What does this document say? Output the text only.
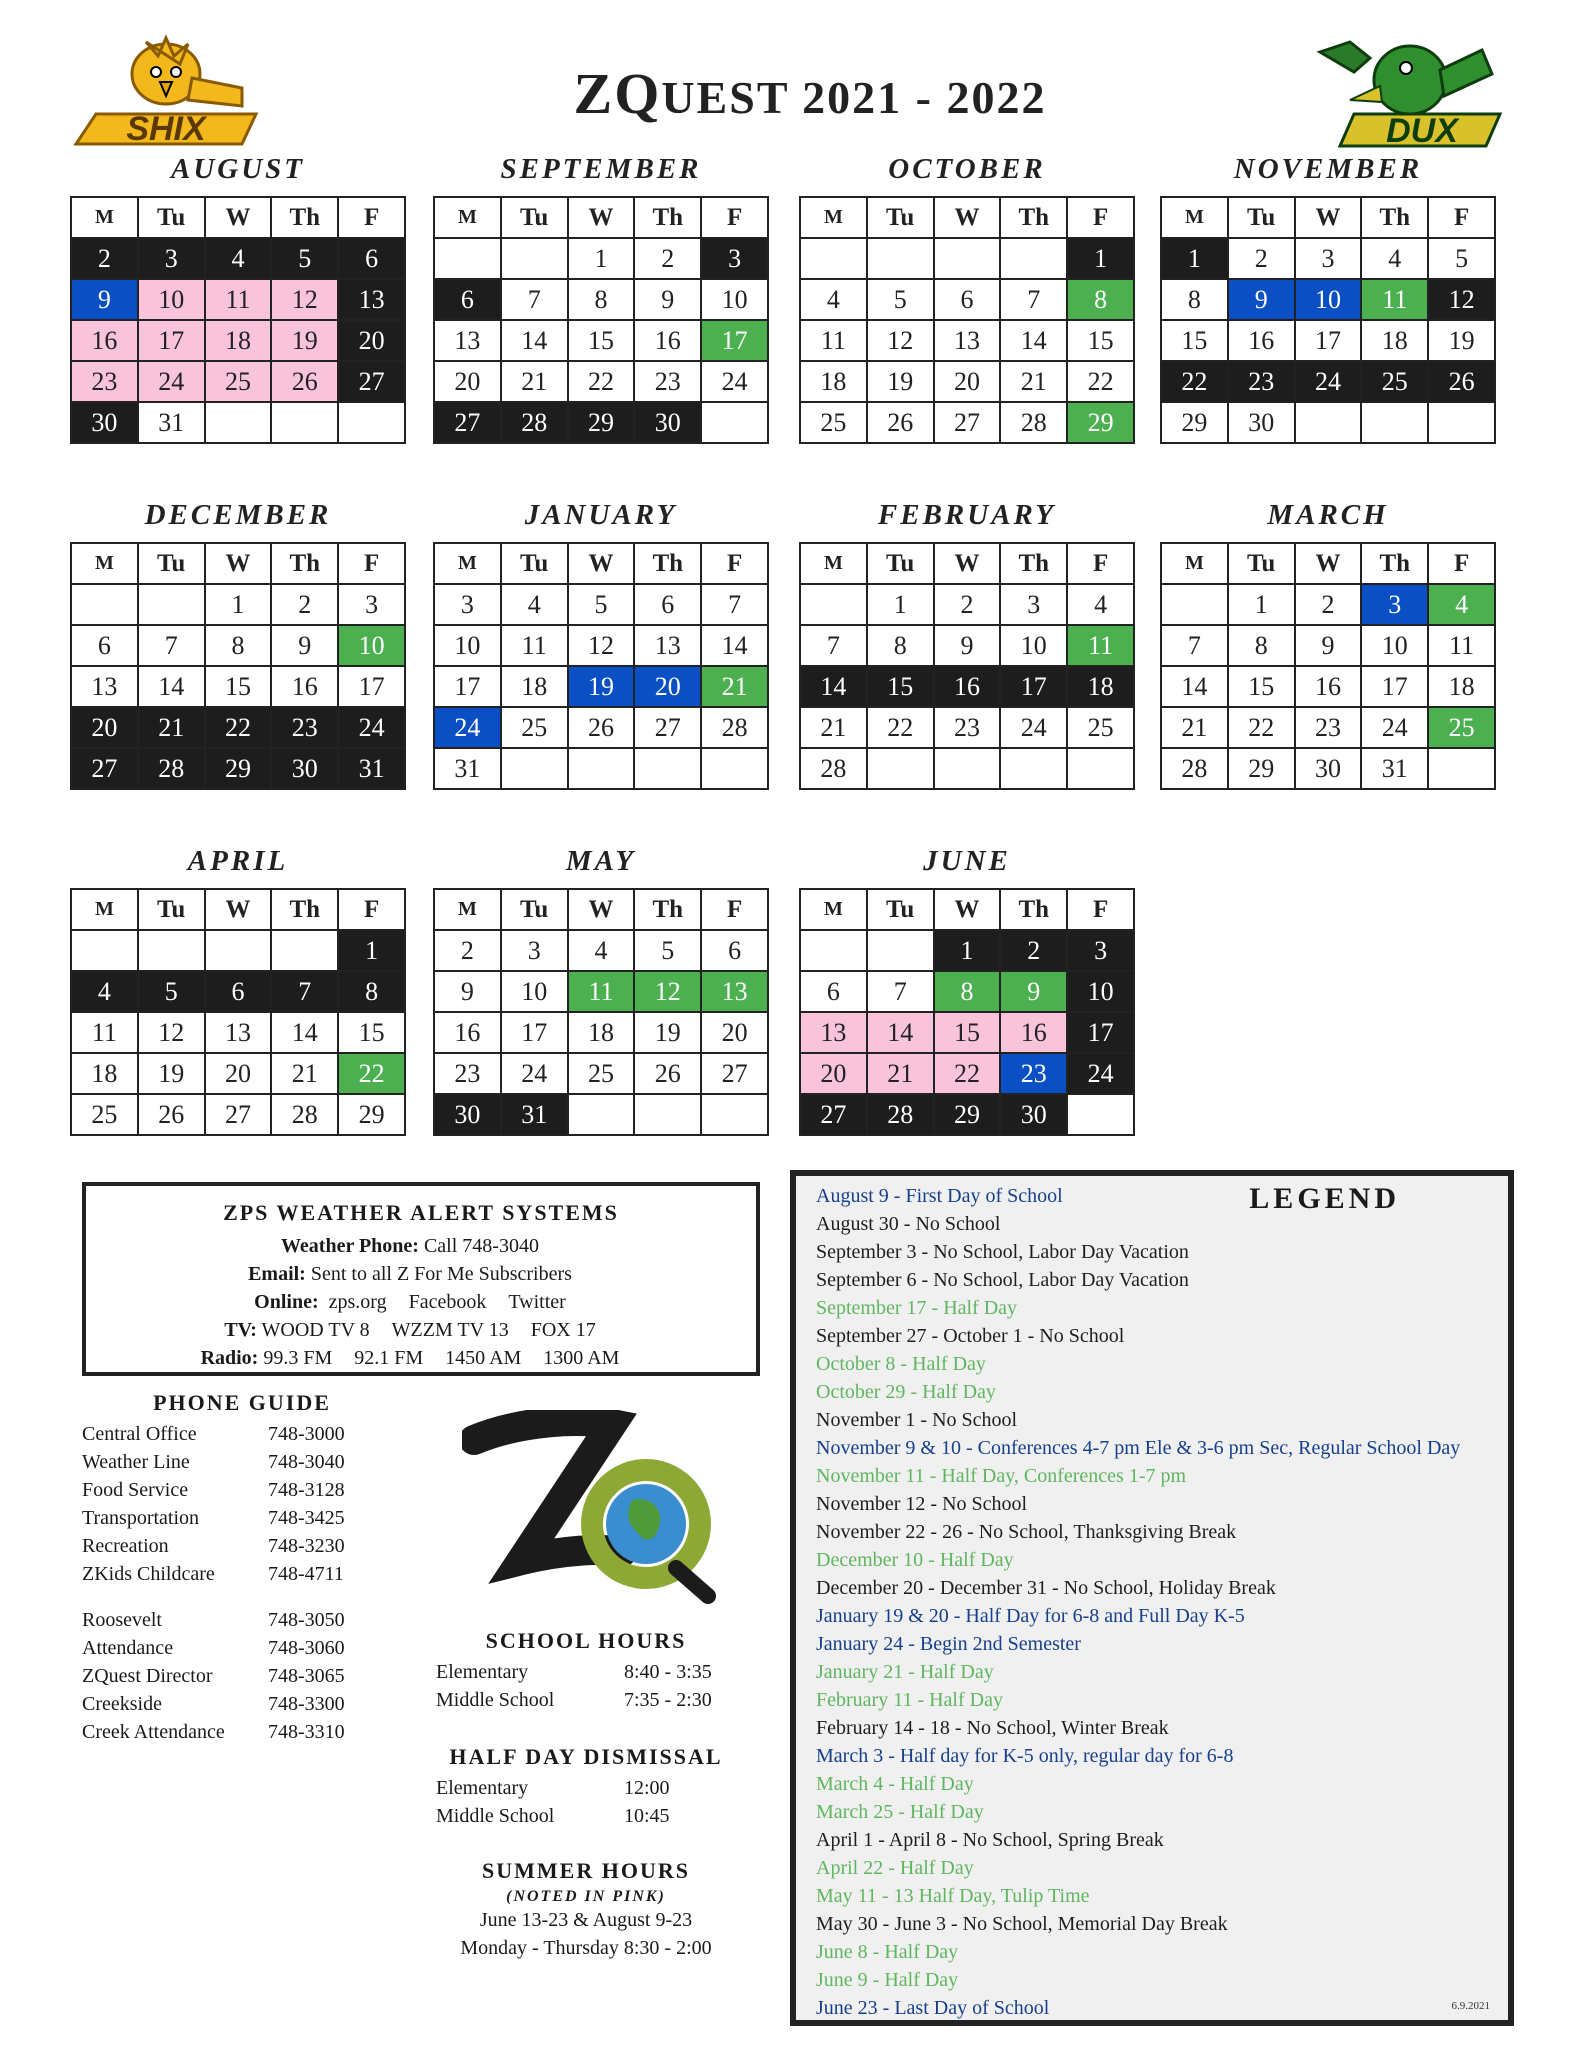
ZQUEST 2021 - 2022
SHIX	DUX
AUGUST
M	Tu	W	Th	F
2	3	4	5	6
9	10	11	12	13
16	17	18	19	20
23	24	25	26	27
30	31			
SEPTEMBER
M	Tu	W	Th	F
		1	2	3
6	7	8	9	10
13	14	15	16	17
20	21	22	23	24
27	28	29	30	
OCTOBER
M	Tu	W	Th	F
				1
4	5	6	7	8
11	12	13	14	15
18	19	20	21	22
25	26	27	28	29
NOVEMBER
M	Tu	W	Th	F
1	2	3	4	5
8	9	10	11	12
15	16	17	18	19
22	23	24	25	26
29	30			
DECEMBER
M	Tu	W	Th	F
		1	2	3
6	7	8	9	10
13	14	15	16	17
20	21	22	23	24
27	28	29	30	31
JANUARY
M	Tu	W	Th	F
3	4	5	6	7
10	11	12	13	14
17	18	19	20	21
24	25	26	27	28
31				
FEBRUARY
M	Tu	W	Th	F
	1	2	3	4
7	8	9	10	11
14	15	16	17	18
21	22	23	24	25
28				
MARCH
M	Tu	W	Th	F
	1	2	3	4
7	8	9	10	11
14	15	16	17	18
21	22	23	24	25
28	29	30	31	
APRIL
M	Tu	W	Th	F
				1
4	5	6	7	8
11	12	13	14	15
18	19	20	21	22
25	26	27	28	29
MAY
M	Tu	W	Th	F
2	3	4	5	6
9	10	11	12	13
16	17	18	19	20
23	24	25	26	27
30	31			
JUNE
M	Tu	W	Th	F
		1	2	3
6	7	8	9	10
13	14	15	16	17
20	21	22	23	24
27	28	29	30	
ZPS WEATHER ALERT SYSTEMS
Weather Phone: Call 748-3040
Email: Sent to all Z For Me Subscribers
Online: zps.org Facebook Twitter
TV: WOOD TV 8 WZZM TV 13 FOX 17
Radio: 99.3 FM 92.1 FM 1450 AM 1300 AM
PHONE GUIDE
Central Office	748-3000
Weather Line	748-3040
Food Service	748-3128
Transportation	748-3425
Recreation	748-3230
ZKids Childcare	748-4711
Roosevelt	748-3050
Attendance	748-3060
ZQuest Director	748-3065
Creekside	748-3300
Creek Attendance	748-3310
SCHOOL HOURS
Elementary	8:40 - 3:35
Middle School	7:35 - 2:30
HALF DAY DISMISSAL
Elementary	12:00
Middle School	10:45
SUMMER HOURS
(NOTED IN PINK)
June 13-23 & August 9-23
Monday - Thursday 8:30 - 2:00
LEGEND
August 9 - First Day of School
August 30 - No School
September 3 - No School, Labor Day Vacation
September 6 - No School, Labor Day Vacation
September 17 - Half Day
September 27 - October 1 - No School
October 8 - Half Day
October 29 - Half Day
November 1 - No School
November 9 & 10 - Conferences 4-7 pm Ele & 3-6 pm Sec, Regular School Day
November 11 - Half Day, Conferences 1-7 pm
November 12 - No School
November 22 - 26 - No School, Thanksgiving Break
December 10 - Half Day
December 20 - December 31 - No School, Holiday Break
January 19 & 20 - Half Day for 6-8 and Full Day K-5
January 24 - Begin 2nd Semester
January 21 - Half Day
February 11 - Half Day
February 14 - 18 - No School, Winter Break
March 3 - Half day for K-5 only, regular day for 6-8
March 4 - Half Day
March 25 - Half Day
April 1 - April 8 - No School, Spring Break
April 22 - Half Day
May 11 - 13 Half Day, Tulip Time
May 30 - June 3 - No School, Memorial Day Break
June 8 - Half Day
June 9 - Half Day
June 23 - Last Day of School	6.9.2021
